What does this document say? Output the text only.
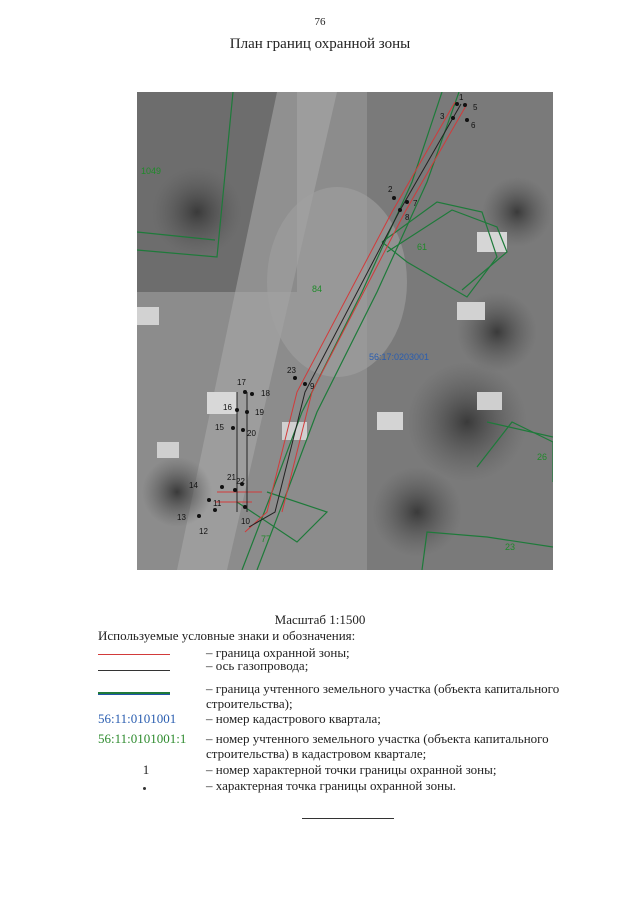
76
План границ охранной зоны
1
2
3
5
6
7
8
9
10
11
12
13
14
15
16
17
18
19
20
21 22
23
56:17:0203001
1049
61
84
26
77
23
Масштаб 1:1500
Используемые условные знаки и обозначения:
– граница охранной зоны;
– ось газопровода;
– граница учтенного земельного участка (объекта капитального строительства);
56:11:0101001	– номер кадастрового квартала;
56:11:0101001:1	– номер учтенного земельного участка (объекта капитального строительства) в кадастровом квартале;
1	– номер характерной точки границы охранной зоны;
– характерная точка границы охранной зоны.
